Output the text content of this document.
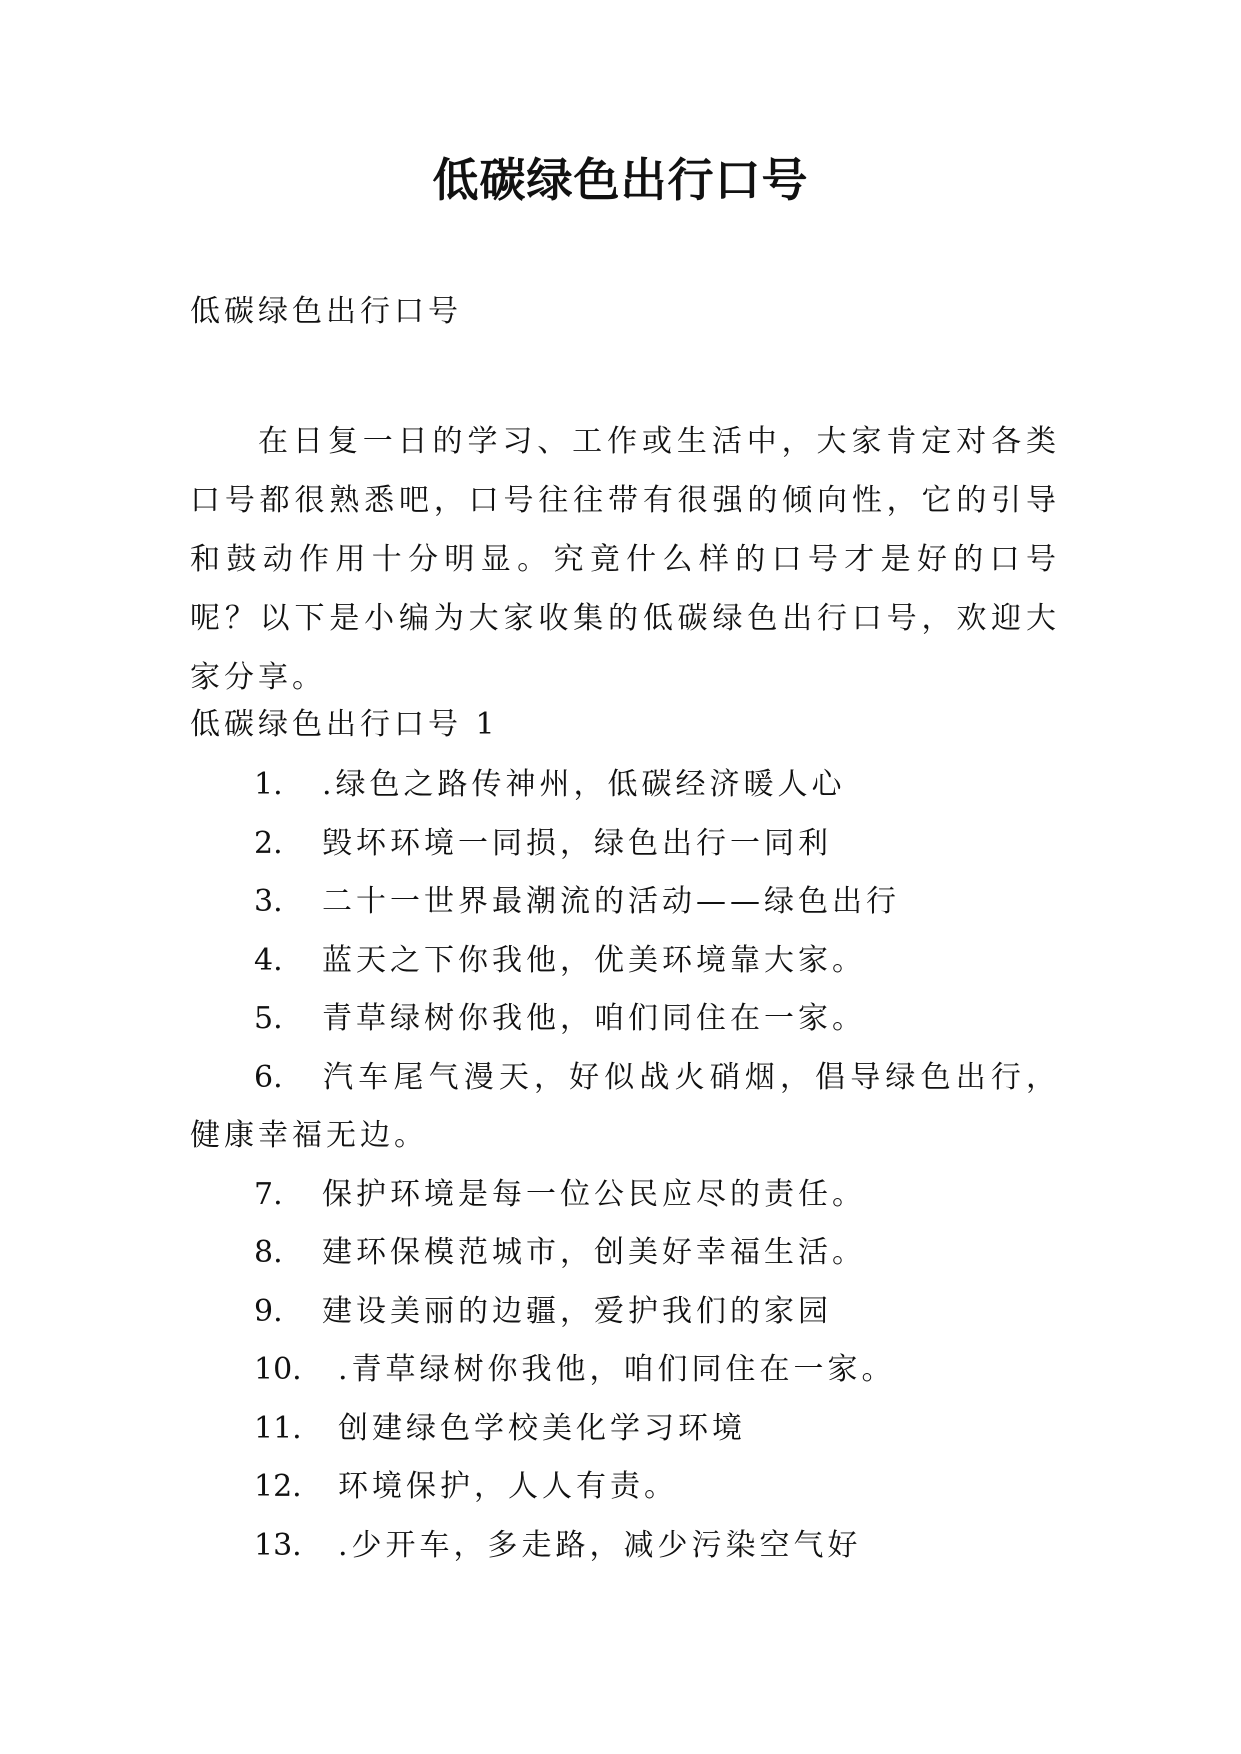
低碳绿色出行口号
低碳绿色出行口号

在日复一日的学习、工作或生活中，大家肯定对各类口号都很熟悉吧，口号往往带有很强的倾向性，它的引导和鼓动作用十分明显。究竟什么样的口号才是好的口号呢？以下是小编为大家收集的低碳绿色出行口号，欢迎大家分享。

低碳绿色出行口号 1
1. .绿色之路传神州，低碳经济暖人心
2. 毁坏环境一同损，绿色出行一同利
3. 二十一世界最潮流的活动——绿色出行
4. 蓝天之下你我他，优美环境靠大家。
5. 青草绿树你我他，咱们同住在一家。
6. 汽车尾气漫天，好似战火硝烟，倡导绿色出行，健康幸福无边。
7. 保护环境是每一位公民应尽的责任。
8. 建环保模范城市，创美好幸福生活。
9. 建设美丽的边疆，爱护我们的家园
10. .青草绿树你我他，咱们同住在一家。
11. 创建绿色学校美化学习环境
12. 环境保护，人人有责。
13. .少开车，多走路，减少污染空气好
